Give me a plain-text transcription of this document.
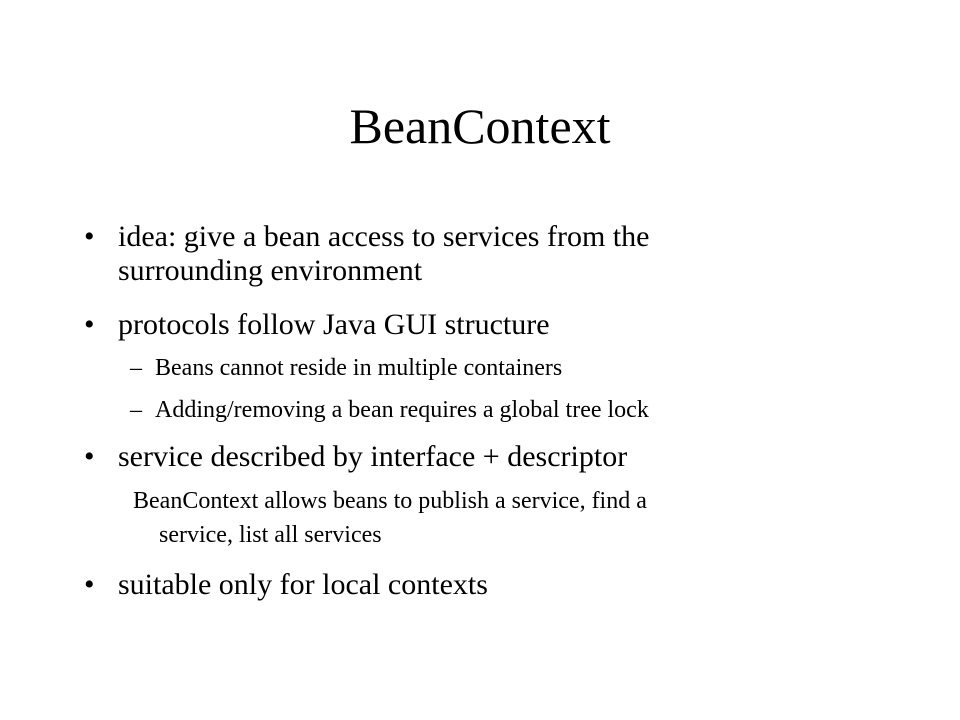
BeanContext
• idea: give a bean access to services from the
surrounding environment
• protocols follow Java GUI structure
– Beans cannot reside in multiple containers
– Adding/removing a bean requires a global tree lock
• service described by interface + descriptor
BeanContext allows beans to publish a service, find a
service, list all services
• suitable only for local contexts
